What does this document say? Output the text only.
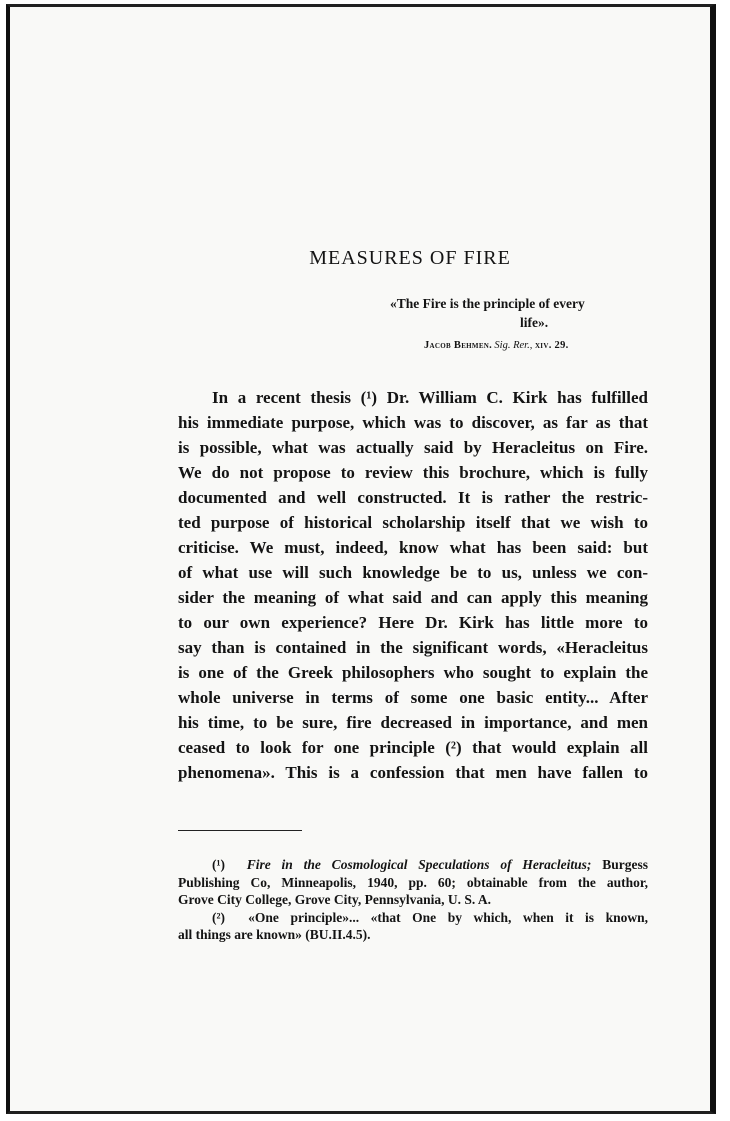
MEASURES OF FIRE
«The Fire is the principle of every
life».
Jacob Behmen. Sig. Rer., xiv. 29.
In a recent thesis (¹) Dr. William C. Kirk has fulfilled
his immediate purpose, which was to discover, as far as that
is possible, what was actually said by Heracleitus on Fire.
We do not propose to review this brochure, which is fully
documented and well constructed. It is rather the restric-
ted purpose of historical scholarship itself that we wish to
criticise. We must, indeed, know what has been said: but
of what use will such knowledge be to us, unless we con-
sider the meaning of what said and can apply this meaning
to our own experience? Here Dr. Kirk has little more to
say than is contained in the significant words, «Heracleitus
is one of the Greek philosophers who sought to explain the
whole universe in terms of some one basic entity... After
his time, to be sure, fire decreased in importance, and men
ceased to look for one principle (²) that would explain all
phenomena». This is a confession that men have fallen to
(¹) Fire in the Cosmological Speculations of Heracleitus; Burgess
Publishing Co, Minneapolis, 1940, pp. 60; obtainable from the author,
Grove City College, Grove City, Pennsylvania, U. S. A.
(²) «One principle»... «that One by which, when it is known,
all things are known» (BU.II.4.5).
